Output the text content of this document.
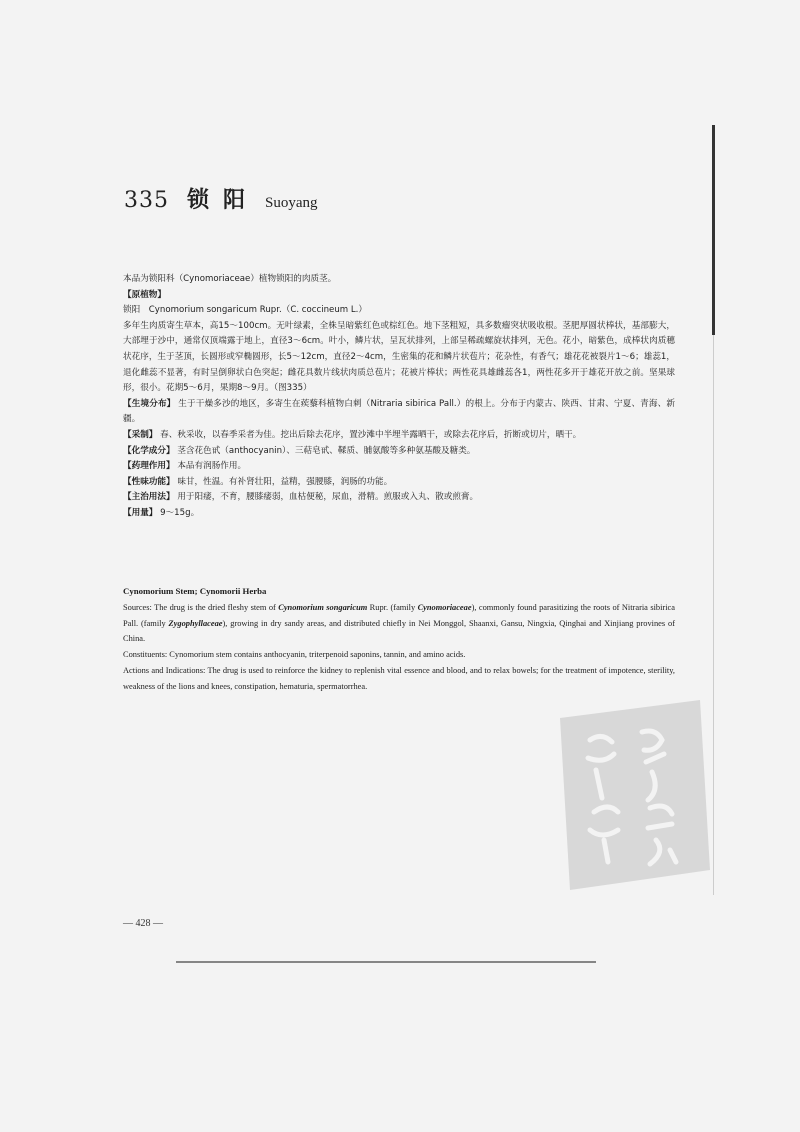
335 锁阳 Suoyang

本品为锁阳科（Cynomoriaceae）植物锁阳的肉质茎。

【原植物】

锁阳　Cynomorium songaricum Rupr.（C. coccineum L.）

多年生肉质寄生草本，高15～100cm。无叶绿素，全株呈暗紫红色或棕红色。地下茎粗短，具多数瘤突状吸收根。茎肥厚圆状棒状，基部膨大，大部埋于沙中，通常仅顶端露于地上，直径3～6cm。叶小，鳞片状，呈瓦状排列，上部呈稀疏螺旋状排列，无色。花小，暗紫色，成棒状肉质穗状花序，生于茎顶，长圆形或窄椭圆形，长5～12cm，直径2～4cm，生密集的花和鳞片状苞片；花杂性，有香气；雄花花被裂片1～6；雄蕊1，退化雌蕊不显著，有时呈倒卵状白色突起；雌花具数片线状肉质总苞片；花被片棒状；两性花具雄雌蕊各1，两性花多开于雄花开放之前。坚果球形，很小。花期5～6月，果期8～9月。（图335）

【生境分布】 生于干燥多沙的地区，多寄生在蒺藜科植物白刺（Nitraria sibirica Pall.）的根上。分布于内蒙古、陕西、甘肃、宁夏、青海、新疆。

【采制】 春、秋采收，以春季采者为佳。挖出后除去花序，置沙滩中半埋半露晒干，或除去花序后，折断或切片，晒干。

【化学成分】 茎含花色甙（anthocyanin）、三萜皂甙、鞣质、脯氨酸等多种氨基酸及糖类。

【药理作用】 本品有润肠作用。

【性味功能】 味甘，性温。有补肾壮阳，益精，强腰膝，润肠的功能。

【主治用法】 用于阳痿，不育，腰膝痿弱，血枯便秘，尿血，滑精。煎服或入丸、散或煎膏。

【用量】 9～15g。

Cynomorium Stem; Cynomorii Herba

Sources: The drug is the dried fleshy stem of Cynomorium songaricum Rupr. (family Cynomoriaceae), commonly found parasitizing the roots of Nitraria sibirica Pall. (family Zygophyllaceae), growing in dry sandy areas, and distributed chiefly in Nei Monggol, Shaanxi, Gansu, Ningxia, Qinghai and Xinjiang provines of China.

Constituents: Cynomorium stem contains anthocyanin, triterpenoid saponins, tannin, and amino acids.

Actions and Indications: The drug is used to reinforce the kidney to replenish vital essence and blood, and to relax bowels; for the treatment of impotence, sterility, weakness of the lions and knees, constipation, hematuria, spermatorrhea.

— 428 —
